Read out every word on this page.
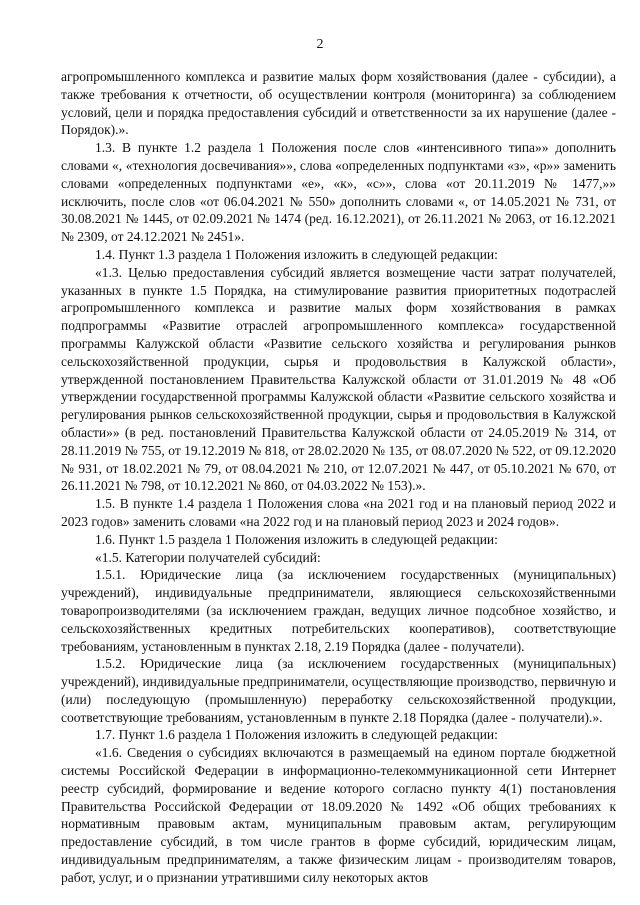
2

агропромышленного комплекса и развитие малых форм хозяйствования (далее - субсидии), а также требования к отчетности, об осуществлении контроля (мониторинга) за соблюдением условий, цели и порядка предоставления субсидий и ответственности за их нарушение (далее - Порядок).».

1.3. В пункте 1.2 раздела 1 Положения после слов «интенсивного типа»» дополнить словами «, «технология досвечивания»», слова «определенных подпунктами «з», «р»» заменить словами «определенных подпунктами «е», «к», «с»», слова «от 20.11.2019 № 1477,»» исключить, после слов «от 06.04.2021 № 550» дополнить словами «, от 14.05.2021 № 731, от 30.08.2021 № 1445, от 02.09.2021 № 1474 (ред. 16.12.2021), от 26.11.2021 № 2063, от 16.12.2021 № 2309, от 24.12.2021 № 2451».

1.4. Пункт 1.3 раздела 1 Положения изложить в следующей редакции:

«1.3. Целью предоставления субсидий является возмещение части затрат получателей, указанных в пункте 1.5 Порядка, на стимулирование развития приоритетных подотраслей агропромышленного комплекса и развитие малых форм хозяйствования в рамках подпрограммы «Развитие отраслей агропромышленного комплекса» государственной программы Калужской области «Развитие сельского хозяйства и регулирования рынков сельскохозяйственной продукции, сырья и продовольствия в Калужской области», утвержденной постановлением Правительства Калужской области от 31.01.2019 № 48 «Об утверждении государственной программы Калужской области «Развитие сельского хозяйства и регулирования рынков сельскохозяйственной продукции, сырья и продовольствия в Калужской области»» (в ред. постановлений Правительства Калужской области от 24.05.2019 № 314, от 28.11.2019 № 755, от 19.12.2019 № 818, от 28.02.2020 № 135, от 08.07.2020 № 522, от 09.12.2020 № 931, от 18.02.2021 № 79, от 08.04.2021 № 210, от 12.07.2021 № 447, от 05.10.2021 № 670, от 26.11.2021 № 798, от 10.12.2021 № 860, от 04.03.2022 № 153).».

1.5. В пункте 1.4 раздела 1 Положения слова «на 2021 год и на плановый период 2022 и 2023 годов» заменить словами «на 2022 год и на плановый период 2023 и 2024 годов».

1.6. Пункт 1.5 раздела 1 Положения изложить в следующей редакции:

«1.5. Категории получателей субсидий:

1.5.1. Юридические лица (за исключением государственных (муниципальных) учреждений), индивидуальные предприниматели, являющиеся сельскохозяйственными товаропроизводителями (за исключением граждан, ведущих личное подсобное хозяйство, и сельскохозяйственных кредитных потребительских кооперативов), соответствующие требованиям, установленным в пунктах 2.18, 2.19 Порядка (далее - получатели).

1.5.2. Юридические лица (за исключением государственных (муниципальных) учреждений), индивидуальные предприниматели, осуществляющие производство, первичную и (или) последующую (промышленную) переработку сельскохозяйственной продукции, соответствующие требованиям, установленным в пункте 2.18 Порядка (далее - получатели).».

1.7. Пункт 1.6 раздела 1 Положения изложить в следующей редакции:

«1.6. Сведения о субсидиях включаются в размещаемый на едином портале бюджетной системы Российской Федерации в информационно-телекоммуникационной сети Интернет реестр субсидий, формирование и ведение которого согласно пункту 4(1) постановления Правительства Российской Федерации от 18.09.2020 № 1492 «Об общих требованиях к нормативным правовым актам, муниципальным правовым актам, регулирующим предоставление субсидий, в том числе грантов в форме субсидий, юридическим лицам, индивидуальным предпринимателям, а также физическим лицам - производителям товаров, работ, услуг, и о признании утратившими силу некоторых актов
